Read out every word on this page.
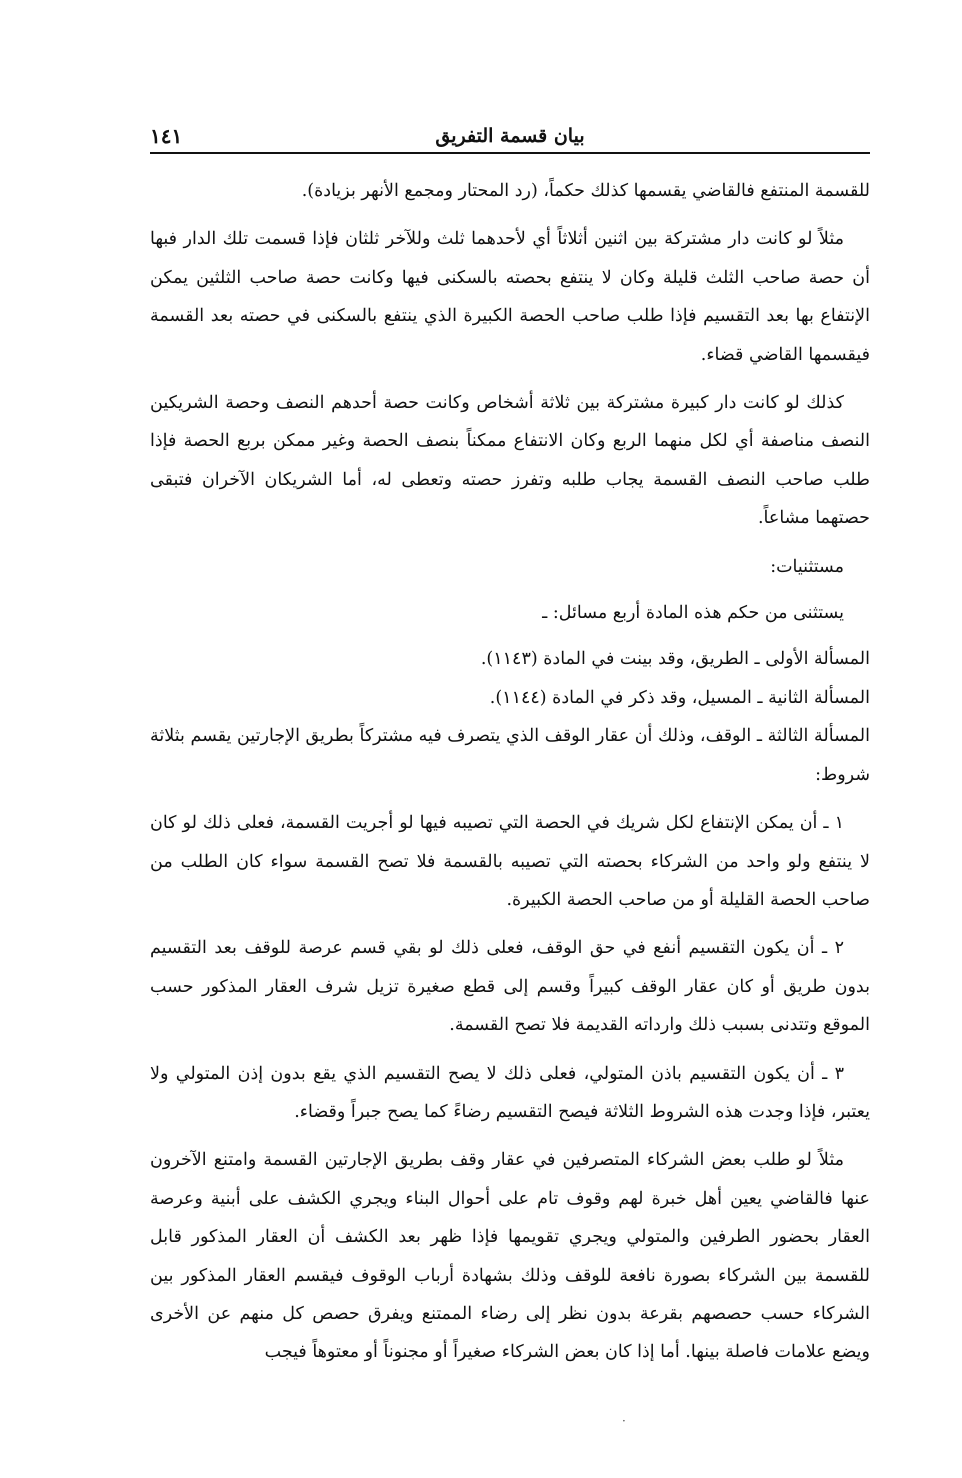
بيان قسمة التفريق
١٤١

للقسمة المنتفع فالقاضي يقسمها كذلك حكماً، (رد المحتار ومجمع الأنهر بزيادة).

مثلاً لو كانت دار مشتركة بين اثنين أثلاثاً أي لأحدهما ثلث وللآخر ثلثان فإذا قسمت تلك الدار فبها أن حصة صاحب الثلث قليلة وكان لا ينتفع بحصته بالسكنى فيها وكانت حصة صاحب الثلثين يمكن الإنتفاع بها بعد التقسيم فإذا طلب صاحب الحصة الكبيرة الذي ينتفع بالسكنى في حصته بعد القسمة فيقسمها القاضي قضاء.

كذلك لو كانت دار كبيرة مشتركة بين ثلاثة أشخاص وكانت حصة أحدهم النصف وحصة الشريكين النصف مناصفة أي لكل منهما الربع وكان الانتفاع ممكناً بنصف الحصة وغير ممكن بربع الحصة فإذا طلب صاحب النصف القسمة يجاب طلبه وتفرز حصته وتعطى له، أما الشريكان الآخران فتبقى حصتهما مشاعاً.

مستثنيات:

يستثنى من حكم هذه المادة أربع مسائل: ـ

المسألة الأولى ـ الطريق، وقد بينت في المادة (١١٤٣).

المسألة الثانية ـ المسيل، وقد ذكر في المادة (١١٤٤).

المسألة الثالثة ـ الوقف، وذلك أن عقار الوقف الذي يتصرف فيه مشتركاً بطريق الإجارتين يقسم بثلاثة شروط:

١ ـ أن يمكن الإنتفاع لكل شريك في الحصة التي تصيبه فيها لو أجريت القسمة، فعلى ذلك لو كان لا ينتفع ولو واحد من الشركاء بحصته التي تصيبه بالقسمة فلا تصح القسمة سواء كان الطلب من صاحب الحصة القليلة أو من صاحب الحصة الكبيرة.

٢ ـ أن يكون التقسيم أنفع في حق الوقف، فعلى ذلك لو بقي قسم عرصة للوقف بعد التقسيم بدون طريق أو كان عقار الوقف كبيراً وقسم إلى قطع صغيرة تزيل شرف العقار المذكور حسب الموقع وتتدنى بسبب ذلك وارداته القديمة فلا تصح القسمة.

٣ ـ أن يكون التقسيم باذن المتولي، فعلى ذلك لا يصح التقسيم الذي يقع بدون إذن المتولي ولا يعتبر، فإذا وجدت هذه الشروط الثلاثة فيصح التقسيم رضاءً كما يصح جبراً وقضاء.

مثلاً لو طلب بعض الشركاء المتصرفين في عقار وقف بطريق الإجارتين القسمة وامتنع الآخرون عنها فالقاضي يعين أهل خبرة لهم وقوف تام على أحوال البناء ويجري الكشف على أبنية وعرصة العقار بحضور الطرفين والمتولي ويجري تقويمها فإذا ظهر بعد الكشف أن العقار المذكور قابل للقسمة بين الشركاء بصورة نافعة للوقف وذلك بشهادة أرباب الوقوف فيقسم العقار المذكور بين الشركاء حسب حصصهم بقرعة بدون نظر إلى رضاء الممتنع ويفرق حصص كل منهم عن الأخرى ويضع علامات فاصلة بينها. أما إذا كان بعض الشركاء صغيراً أو مجنوناً أو معتوهاً فيجب

·
